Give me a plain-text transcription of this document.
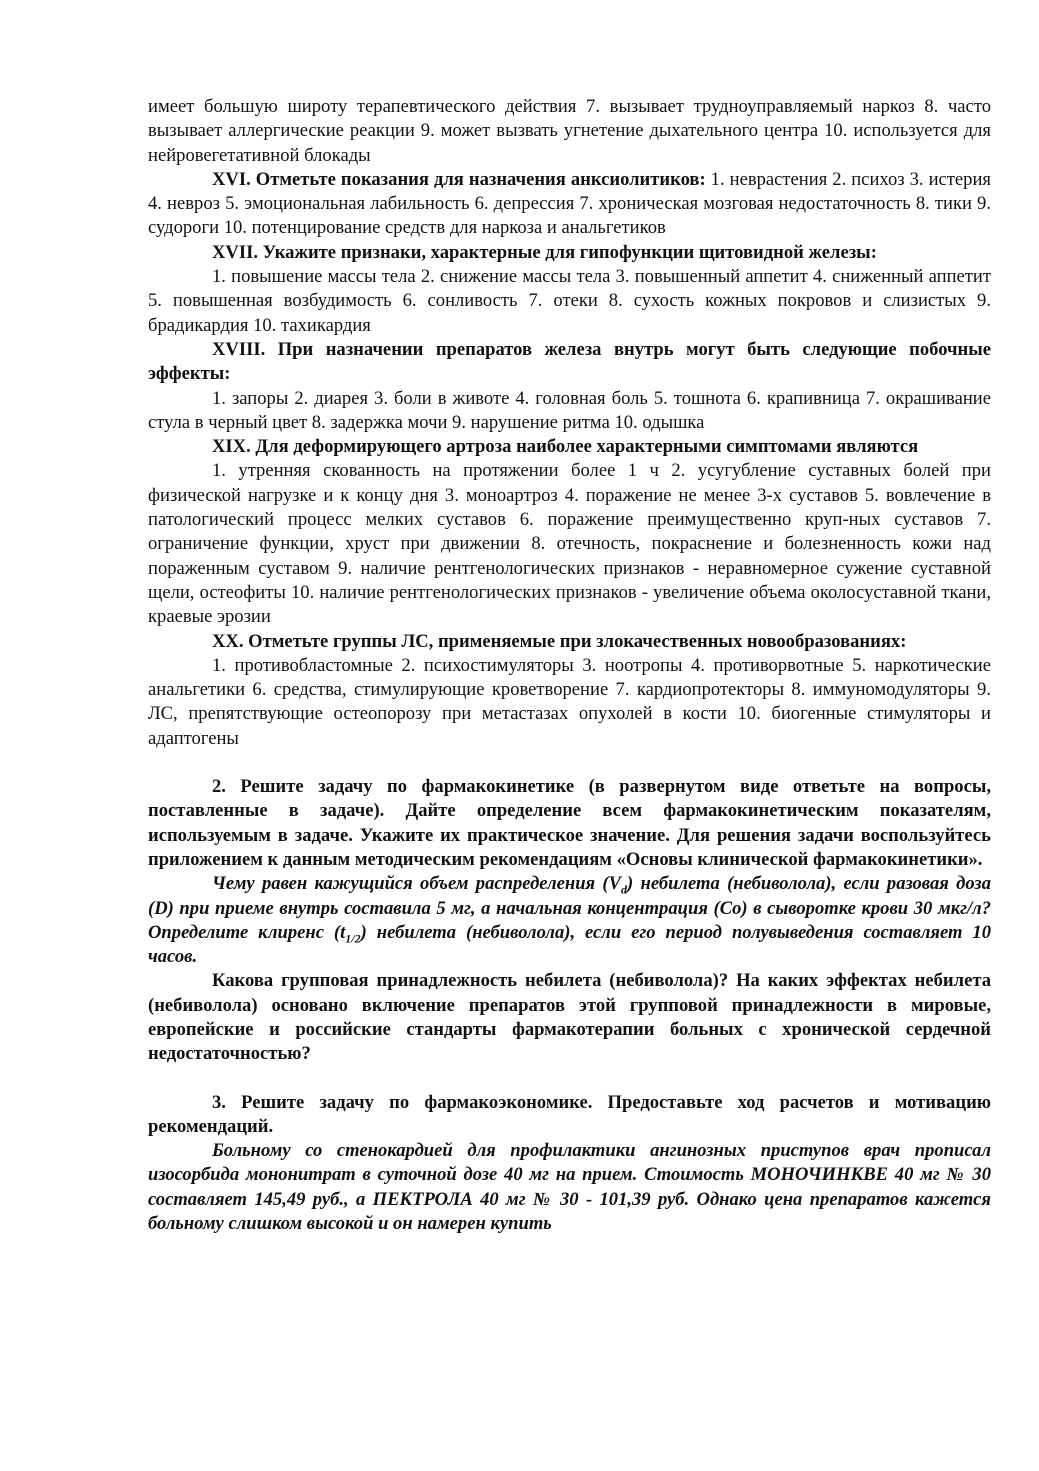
имеет большую широту терапевтического действия 7. вызывает трудноуправляемый наркоз 8. часто вызывает аллергические реакции 9. может вызвать угнетение дыхательного центра 10. используется для нейровегетативной блокады

XVI. Отметьте показания для назначения анксиолитиков: 1. неврастения 2. психоз 3. истерия 4. невроз 5. эмоциональная лабильность 6. депрессия 7. хроническая мозговая недостаточность 8. тики 9. судороги 10. потенцирование средств для наркоза и анальгетиков

XVII. Укажите признаки, характерные для гипофункции щитовидной железы:

1. повышение массы тела 2. снижение массы тела 3. повышенный аппетит 4. сниженный аппетит 5. повышенная возбудимость 6. сонливость 7. отеки 8. сухость кожных покровов и слизистых 9. брадикардия 10. тахикардия

XVIII. При назначении препаратов железа внутрь могут быть следующие побочные эффекты:

1. запоры 2. диарея 3. боли в животе 4. головная боль 5. тошнота 6. крапивница 7. окрашивание стула в черный цвет 8. задержка мочи 9. нарушение ритма 10. одышка

XIX. Для деформирующего артроза наиболее характерными симптомами являются

1. утренняя скованность на протяжении более 1 ч 2. усугубление суставных болей при физической нагрузке и к концу дня 3. моноартроз 4. поражение не менее 3-х суставов 5. вовлечение в патологический процесс мелких суставов 6. поражение преимущественно круп-ных суставов 7. ограничение функции, хруст при движении 8. отечность, покраснение и болезненность кожи над пораженным суставом 9. наличие рентгенологических признаков - неравномерное сужение суставной щели, остеофиты 10. наличие рентгенологических признаков - увеличение объема околосуставной ткани, краевые эрозии

XX. Отметьте группы ЛС, применяемые при злокачественных новообразованиях:

1. противобластомные 2. психостимуляторы 3. ноотропы 4. противорвотные 5. наркотические анальгетики 6. средства, стимулирующие кроветворение 7. кардиопротекторы 8. иммуномодуляторы 9. ЛС, препятствующие остеопорозу при метастазах опухолей в кости 10. биогенные стимуляторы и адаптогены

2. Решите задачу по фармакокинетике (в развернутом виде ответьте на вопросы, поставленные в задаче). Дайте определение всем фармакокинетическим показателям, используемым в задаче. Укажите их практическое значение. Для решения задачи воспользуйтесь приложением к данным методическим рекомендациям «Основы клинической фармакокинетики».

Чему равен кажущийся объем распределения $(V_d)$ небилета (небиволола), если разовая доза (D) при приеме внутрь составила 5 мг, а начальная концентрация (Co) в сыворотке крови 30 мкг/л? Определите клиренс $(t_{1/2})$ небилета (небиволола), если его период полувыведения составляет 10 часов.

Какова групповая принадлежность небилета (небиволола)? На каких эффектах небилета (небиволола) основано включение препаратов этой групповой принадлежности в мировые, европейские и российские стандарты фармакотерапии больных с хронической сердечной недостаточностью?

3. Решите задачу по фармакоэкономике. Предоставьте ход расчетов и мотивацию рекомендаций.

Больному со стенокардией для профилактики ангинозных приступов врач прописал изосорбида мононитрат в суточной дозе 40 мг на прием. Стоимость МОНОЧИНКВЕ 40 мг № 30 составляет 145,49 руб., а ПЕКТРОЛА 40 мг № 30 - 101,39 руб. Однако цена препаратов кажется больному слишком высокой и он намерен купить
